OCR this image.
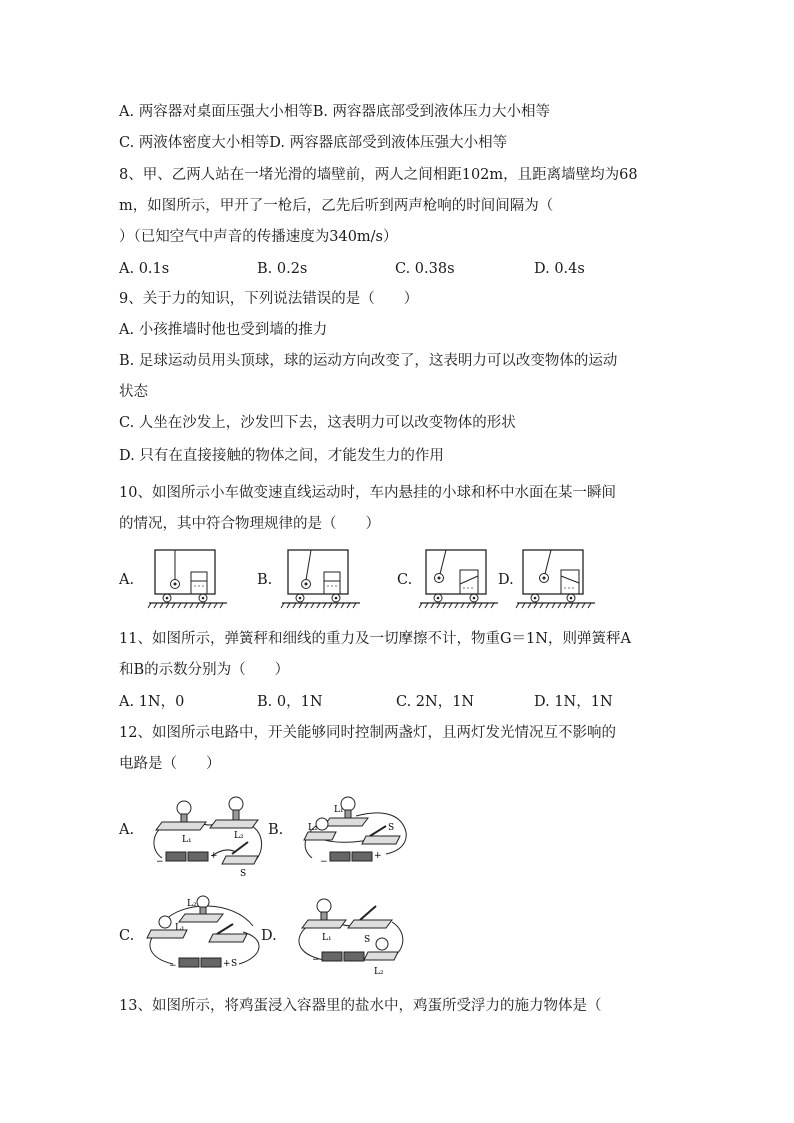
A. 两容器对桌面压强大小相等B. 两容器底部受到液体压力大小相等
C. 两液体密度大小相等D. 两容器底部受到液体压强大小相等
8、甲、乙两人站在一堵光滑的墙壁前，两人之间相距102m，且距离墙壁均为68
m，如图所示，甲开了一枪后，乙先后听到两声枪响的时间间隔为（
）（已知空气中声音的传播速度为340m/s）
A. 0.1s	B. 0.2s	C. 0.38s	D. 0.4s
9、关于力的知识，下列说法错误的是（　　）
A. 小孩推墙时他也受到墙的推力
B. 足球运动员用头顶球，球的运动方向改变了，这表明力可以改变物体的运动
状态
C. 人坐在沙发上，沙发凹下去，这表明力可以改变物体的形状
D. 只有在直接接触的物体之间，才能发生力的作用
10、如图所示小车做变速直线运动时，车内悬挂的小球和杯中水面在某一瞬间
的情况，其中符合物理规律的是（　　）
A.	B.	C.	D.
11、如图所示，弹簧秤和细线的重力及一切摩擦不计，物重G＝1N，则弹簧秤A
和B的示数分别为（　　）
A. 1N，0	B. 0，1N	C. 2N，1N	D. 1N，1N
12、如图所示电路中，开关能够同时控制两盏灯，且两灯发光情况互不影响的
电路是（　　）
A.
L₁	L₂
−
+
S
B.
L₁
L₂	S
−
+
C.
L₂
L₁
−	+ S
D.	L₁	S
−
L₂
13、如图所示，将鸡蛋浸入容器里的盐水中，鸡蛋所受浮力的施力物体是（
